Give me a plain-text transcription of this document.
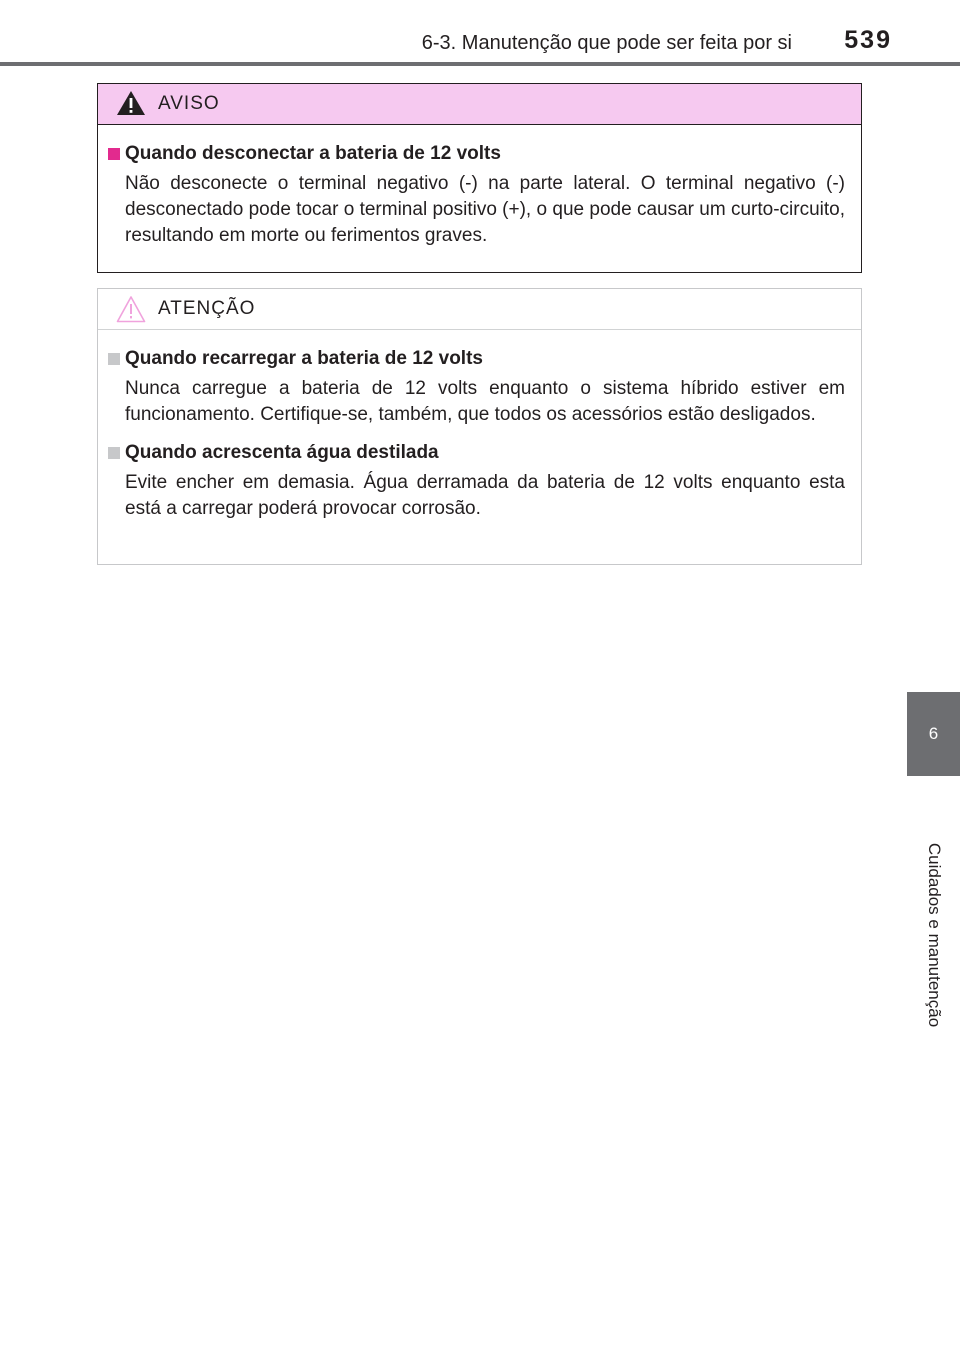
6-3. Manutenção que pode ser feita por si 539
AVISO
Quando desconectar a bateria de 12 volts
Não desconecte o terminal negativo (-) na parte lateral. O terminal negativo (-) desconectado pode tocar o terminal positivo (+), o que pode causar um curto-circuito, resultando em morte ou ferimentos graves.
ATENÇÃO
Quando recarregar a bateria de 12 volts
Nunca carregue a bateria de 12 volts enquanto o sistema híbrido estiver em funcionamento. Certifique-se, também, que todos os acessórios estão desligados.
Quando acrescenta água destilada
Evite encher em demasia. Água derramada da bateria de 12 volts enquanto esta está a carregar poderá provocar corrosão.
6
Cuidados e manutenção
